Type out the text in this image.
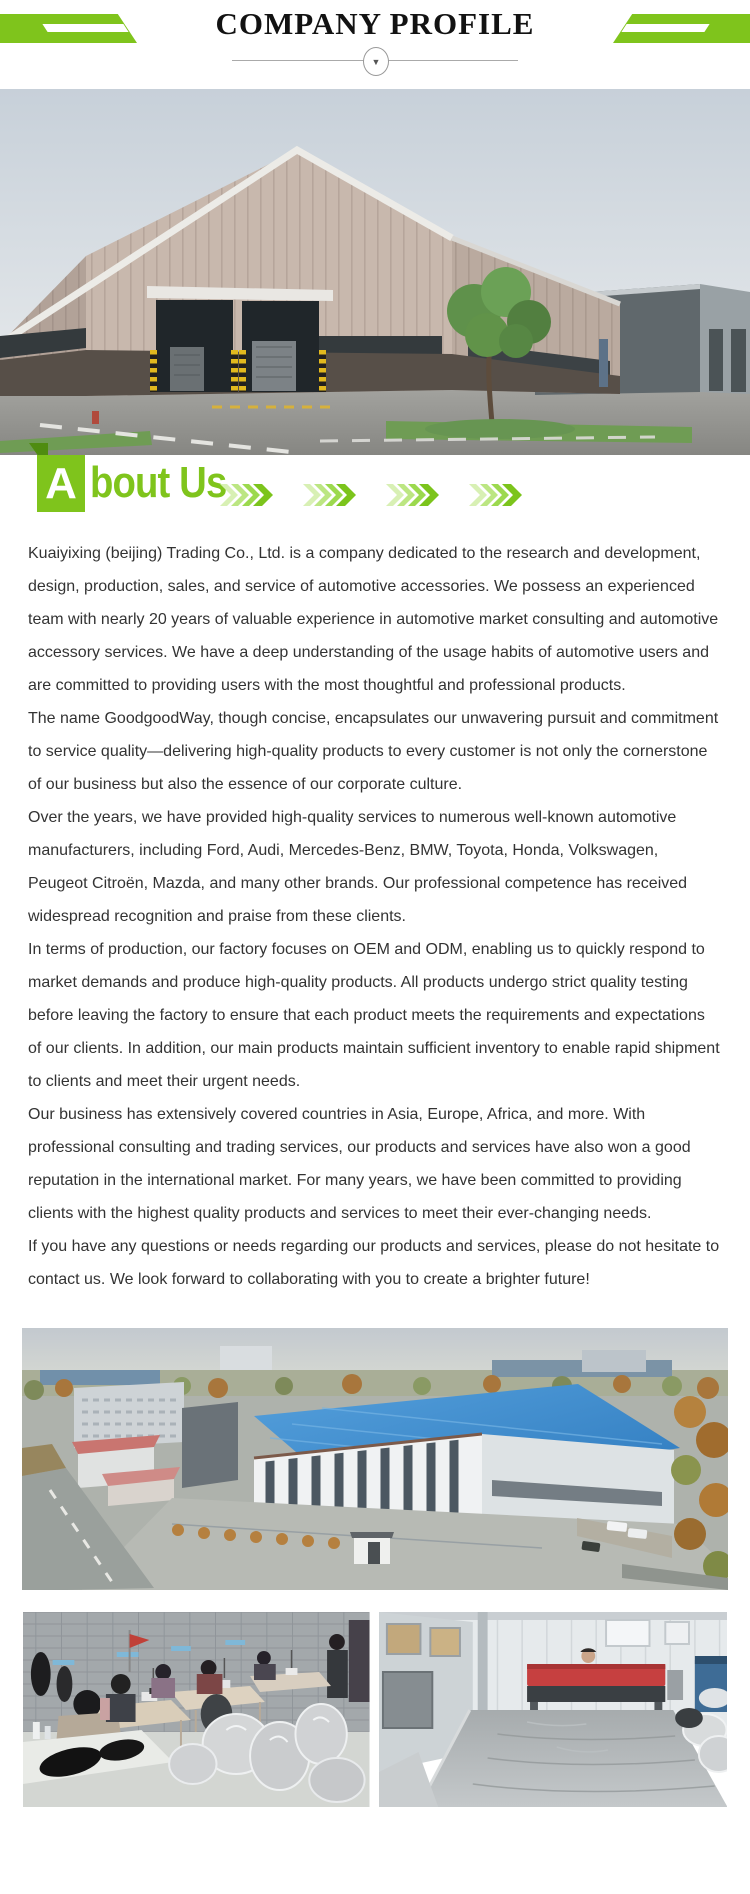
COMPANY PROFILE
▼
A bout Us

Kuaiyixing (beijing) Trading Co., Ltd. is a company dedicated to the research and development, design, production, sales, and service of automotive accessories. We possess an experienced team with nearly 20 years of valuable experience in automotive market consulting and automotive accessory services. We have a deep understanding of the usage habits of automotive users and are committed to providing users with the most thoughtful and professional products.

The name GoodgoodWay, though concise, encapsulates our unwavering pursuit and commitment to service quality—delivering high-quality products to every customer is not only the cornerstone of our business but also the essence of our corporate culture.

Over the years, we have provided high-quality services to numerous well-known automotive manufacturers, including Ford, Audi, Mercedes-Benz, BMW, Toyota, Honda, Volkswagen, Peugeot Citroën, Mazda, and many other brands. Our professional competence has received widespread recognition and praise from these clients.

In terms of production, our factory focuses on OEM and ODM, enabling us to quickly respond to market demands and produce high-quality products. All products undergo strict quality testing before leaving the factory to ensure that each product meets the requirements and expectations of our clients. In addition, our main products maintain sufficient inventory to enable rapid shipment to clients and meet their urgent needs.

Our business has extensively covered countries in Asia, Europe, Africa, and more. With professional consulting and trading services, our products and services have also won a good reputation in the international market. For many years, we have been committed to providing clients with the highest quality products and services to meet their ever-changing needs.

If you have any questions or needs regarding our products and services, please do not hesitate to contact us. We look forward to collaborating with you to create a brighter future!
